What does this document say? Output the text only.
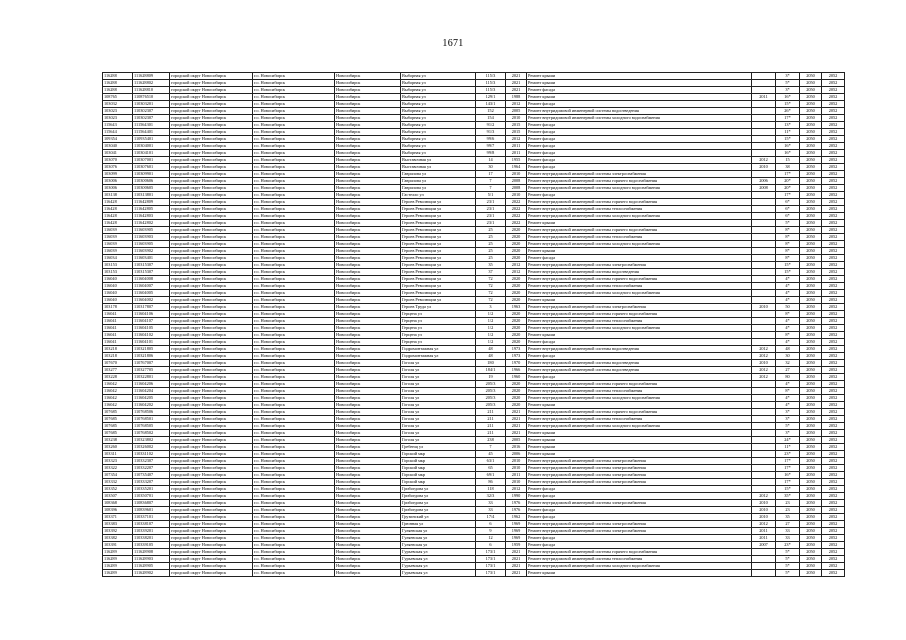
1671
116288	111628809	городской округ Новосибирск	г.о. Новосибирск	Новосибирск	Выборная ул	115/3	2021	Ремонт крыши		3*	2050	2052
116288	111628802	городской округ Новосибирск	г.о. Новосибирск	Новосибирск	Выборная ул	115/3	2021	Ремонт крыши		5*	2050	2052
116288	111628810	городской округ Новосибирск	г.о. Новосибирск	Новосибирск	Выборная ул	115/3	2021	Ремонт фасада		3*	2050	2052
108765	110876510	городской округ Новосибирск	г.о. Новосибирск	Новосибирск	Выборная ул	129/1	1988	Ремонт крыши	2011	16*	2050	2052
103032	110303201	городской округ Новосибирск	г.о. Новосибирск	Новосибирск	Выборная ул	143/1	2012	Ремонт фасада		15*	2050	2052
103023	110302307	городской округ Новосибирск	г.о. Новосибирск	Новосибирск	Выборная ул	152	2005	Ремонт внутридомовой инженерной системы водоотведения		26*	2050	2052
103023	110302307	городской округ Новосибирск	г.о. Новосибирск	Новосибирск	Выборная ул	154	2010	Ремонт внутридомовой инженерной системы холодного водоснабжения		17*	2050	2052
115643	111564301	городской округ Новосибирск	г.о. Новосибирск	Новосибирск	Выборная ул	91/2	2015	Ремонт фасада		13*	2050	2052
115644	111564401	городской округ Новосибирск	г.о. Новосибирск	Новосибирск	Выборная ул	91/3	2015	Ремонт фасада		11*	2050	2052
109354	110935401	городской округ Новосибирск	г.о. Новосибирск	Новосибирск	Выборная ул	99/6	2012	Ремонт фасада		15*	2050	2052
103040	110304001	городской округ Новосибирск	г.о. Новосибирск	Новосибирск	Выборная ул	99/7	2011	Ремонт фасада		16*	2050	2052
103041	110304101	городской округ Новосибирск	г.о. Новосибирск	Новосибирск	Выборная ул	99/8	2011	Ремонт фасада		16*	2050	2052
103070	110307001	городской округ Новосибирск	г.о. Новосибирск	Новосибирск	Выставочная ул	14	1955	Ремонт фасада	2012	15	2050	2052
103076	110307601	городской округ Новосибирск	г.о. Новосибирск	Новосибирск	Выставочная ул	30	1964	Ремонт фасада	2010	38	2050	2052
103099	110309901	городской округ Новосибирск	г.о. Новосибирск	Новосибирск	Гаврилова ул	17	2010	Ремонт внутридомовой инженерной системы электроснабжения		17*	2050	2052
103006	110300606	городской округ Новосибирск	г.о. Новосибирск	Новосибирск	Гаврилова ул	7	2008	Ремонт внутридомовой инженерной системы горячего водоснабжения	2006	20*	2050	2052
103006	110300605	городской округ Новосибирск	г.о. Новосибирск	Новосибирск	Гаврилова ул	7	2008	Ремонт внутридомовой инженерной системы холодного водоснабжения	2008	20*	2050	2052
103138	110313801	городской округ Новосибирск	г.о. Новосибирск	Новосибирск	Гастелло ул	5/1	2010	Ремонт фасада		17*	2050	2052
116428	111642809	городской округ Новосибирск	г.о. Новосибирск	Новосибирск	Героев Революции ул	23/1	2022	Ремонт внутридомовой инженерной системы горячего водоснабжения		6*	2050	2052
116428	111642805	городской округ Новосибирск	г.о. Новосибирск	Новосибирск	Героев Революции ул	23/1	2022	Ремонт внутридомовой инженерной системы теплоснабжения		6*	2050	2052
116428	111642803	городской округ Новосибирск	г.о. Новосибирск	Новосибирск	Героев Революции ул	23/1	2022	Ремонт внутридомовой инженерной системы холодного водоснабжения		6*	2050	2052
116428	111642802	городской округ Новосибирск	г.о. Новосибирск	Новосибирск	Героев Революции ул	23/1	2022	Ремонт крыши		5*	2050	2052
116039	111603905	городской округ Новосибирск	г.о. Новосибирск	Новосибирск	Героев Революции ул	25	2020	Ремонт внутридомовой инженерной системы горячего водоснабжения		8*	2050	2052
116039	111603903	городской округ Новосибирск	г.о. Новосибирск	Новосибирск	Героев Революции ул	25	2020	Ремонт внутридомовой инженерной системы теплоснабжения		8*	2050	2052
116039	111603905	городской округ Новосибирск	г.о. Новосибирск	Новосибирск	Героев Революции ул	25	2020	Ремонт внутридомовой инженерной системы холодного водоснабжения		8*	2050	2052
116039	111603902	городской округ Новосибирск	г.о. Новосибирск	Новосибирск	Героев Революции ул	25	2020	Ремонт крыши		8*	2050	2052
116034	111603401	городской округ Новосибирск	г.о. Новосибирск	Новосибирск	Героев Революции ул	25	2020	Ремонт фасада		8*	2050	2052
103153	110315307	городской округ Новосибирск	г.о. Новосибирск	Новосибирск	Героев Революции ул	35	2012	Ремонт внутридомовой инженерной системы электроснабжения		15*	2050	2052
103153	110315307	городской округ Новосибирск	г.о. Новосибирск	Новосибирск	Героев Революции ул	37	2012	Ремонт внутридомовой инженерной системы водоотведения		15*	2050	2052
116040	111604008	городской округ Новосибирск	г.о. Новосибирск	Новосибирск	Героев Революции ул	72	2020	Ремонт внутридомовой инженерной системы горячего водоснабжения		4*	2050	2052
116040	111604007	городской округ Новосибирск	г.о. Новосибирск	Новосибирск	Героев Революции ул	72	2020	Ремонт внутридомовой инженерной системы теплоснабжения		4*	2050	2052
116040	111604005	городской округ Новосибирск	г.о. Новосибирск	Новосибирск	Героев Революции ул	72	2020	Ремонт внутридомовой инженерной системы холодного водоснабжения		4*	2050	2052
116040	111604002	городской округ Новосибирск	г.о. Новосибирск	Новосибирск	Героев Революции ул	72	2020	Ремонт крыши		4*	2050	2052
103178	110317807	городской округ Новосибирск	г.о. Новосибирск	Новосибирск	Героев Труда ул	3	1963	Ремонт внутридомовой инженерной системы электроснабжения	2010	50	2050	2052
116041	111604106	городской округ Новосибирск	г.о. Новосибирск	Новосибирск	Герцена ул	1/2	2020	Ремонт внутридомовой инженерной системы горячего водоснабжения		8*	2050	2052
116041	111604107	городской округ Новосибирск	г.о. Новосибирск	Новосибирск	Герцена ул	1/2	2020	Ремонт внутридомовой инженерной системы теплоснабжения		4*	2050	2052
116041	111604105	городской округ Новосибирск	г.о. Новосибирск	Новосибирск	Герцена ул	1/2	2020	Ремонт внутридомовой инженерной системы холодного водоснабжения		4*	2050	2052
116041	111604102	городской округ Новосибирск	г.о. Новосибирск	Новосибирск	Герцена ул	1/2	2020	Ремонт крыши		8*	2050	2052
116041	111604101	городской округ Новосибирск	г.о. Новосибирск	Новосибирск	Герцена ул	1/2	2020	Ремонт фасада		4*	2050	2052
103218	110321805	городской округ Новосибирск	г.о. Новосибирск	Новосибирск	Гидромонтажная ул	48	1973	Ремонт внутридомовой инженерной системы водоотведения	2012	48	2050	2052
103218	110321806	городской округ Новосибирск	г.о. Новосибирск	Новосибирск	Гидромонтажная ул	48	1973	Ремонт фасада	2012	30	2050	2052
107670	110767007	городской округ Новосибирск	г.о. Новосибирск	Новосибирск	Гоголя ул	180	1970	Ремонт внутридомовой инженерной системы водоотведения	2010	32	2050	2052
103277	110327705	городской округ Новосибирск	г.о. Новосибирск	Новосибирск	Гоголя ул	184/1	1966	Ремонт внутридомовой инженерной системы водоотведения	2012	27	2050	2052
103228	110322801	городской округ Новосибирск	г.о. Новосибирск	Новосибирск	Гоголя ул	19	1960	Ремонт фасада	2012	80	2050	2052
116042	111604206	городской округ Новосибирск	г.о. Новосибирск	Новосибирск	Гоголя ул	205/3	2020	Ремонт внутридомовой инженерной системы горячего водоснабжения		4*	2050	2052
116042	111604204	городской округ Новосибирск	г.о. Новосибирск	Новосибирск	Гоголя ул	205/3	2020	Ремонт внутридомовой инженерной системы теплоснабжения		8*	2050	2052
116042	111604205	городской округ Новосибирск	г.о. Новосибирск	Новосибирск	Гоголя ул	205/3	2020	Ремонт внутридомовой инженерной системы холодного водоснабжения		4*	2050	2052
116042	111604202	городской округ Новосибирск	г.о. Новосибирск	Новосибирск	Гоголя ул	205/3	2020	Ремонт крыши		4*	2050	2052
107685	110768506	городской округ Новосибирск	г.о. Новосибирск	Новосибирск	Гоголя ул	211	2021	Ремонт внутридомовой инженерной системы горячего водоснабжения		3*	2050	2052
107685	110768501	городской округ Новосибирск	г.о. Новосибирск	Новосибирск	Гоголя ул	211	2021	Ремонт внутридомовой инженерной системы теплоснабжения		3*	2050	2052
107685	110768505	городской округ Новосибирск	г.о. Новосибирск	Новосибирск	Гоголя ул	211	2021	Ремонт внутридомовой инженерной системы холодного водоснабжения		5*	2050	2052
107685	110768502	городской округ Новосибирск	г.о. Новосибирск	Новосибирск	Гоголя ул	211	2021	Ремонт крыши		3*	2050	2052
103238	110323802	городской округ Новосибирск	г.о. Новосибирск	Новосибирск	Гоголя ул	238	2005	Ремонт крыши		24*	2050	2052
103260	110326002	городской округ Новосибирск	г.о. Новосибирск	Новосибирск	Гребенщ ул	7	2016	Ремонт крыши		11*	2050	2052
103311	110331102	городской округ Новосибирск	г.о. Новосибирск	Новосибирск	Горский мкр	45	2006	Ремонт крыши		23*	2050	2052
103323	110332307	городской округ Новосибирск	г.о. Новосибирск	Новосибирск	Горский мкр	63/1	2010	Ремонт внутридомовой инженерной системы электроснабжения		17*	2050	2052
103322	110332207	городской округ Новосибирск	г.о. Новосибирск	Новосибирск	Горский мкр	65	2010	Ремонт внутридомовой инженерной системы электроснабжения		17*	2050	2052
107354	110735407	городской округ Новосибирск	г.о. Новосибирск	Новосибирск	Горский мкр	69/1	2011	Ремонт внутридомовой инженерной системы электроснабжения		16*	2050	2052
103332	110333207	городской округ Новосибирск	г.о. Новосибирск	Новосибирск	Горский мкр	86	2010	Ремонт внутридомовой инженерной системы электроснабжения		17*	2050	2052
103352	110335201	городской округ Новосибирск	г.о. Новосибирск	Новосибирск	Грибоедова ул	118	2012	Ремонт фасада		15*	2050	2052
103507	110350701	городской округ Новосибирск	г.о. Новосибирск	Новосибирск	Грибоедова ул	32/3	1990	Ремонт фасада	2012	35*	2050	2052
108368	110836807	городской округ Новосибирск	г.о. Новосибирск	Новосибирск	Грибоедова ул	33	1976	Ремонт внутридомовой инженерной системы электроснабжения	2010	23	2050	2052
108396	110839601	городской округ Новосибирск	г.о. Новосибирск	Новосибирск	Грибоедова ул	33	1976	Ремонт фасада	2010	23	2050	2052
103371	110337101	городской округ Новосибирск	г.о. Новосибирск	Новосибирск	Грузинский ул	17/4	1962	Ремонт фасада	2010	35	2050	2052
103383	110338107	городской округ Новосибирск	г.о. Новосибирск	Новосибирск	Грюнная ул	6	1969	Ремонт внутридомовой инженерной системы электроснабжения	2012	27	2050	2052
103392	110339201	городской округ Новосибирск	г.о. Новосибирск	Новосибирск	Гуляевская ул	9	1969	Ремонт внутридомовой инженерной системы электроснабжения	2011	33	2050	2052
103382	110338201	городской округ Новосибирск	г.о. Новосибирск	Новосибирск	Гуляевская ул	12	1969	Ремонт фасада	2011	33	2050	2052
103391	110339105	городской округ Новосибирск	г.о. Новосибирск	Новосибирск	Гуляевская ул	6	1959	Ремонт фасада	2007	23*	2050	2052
116289	111628908	городской округ Новосибирск	г.о. Новосибирск	Новосибирск	Гурьевская ул	173/1	2021	Ремонт внутридомовой инженерной системы горячего водоснабжения		5*	2050	2052
116289	111628903	городской округ Новосибирск	г.о. Новосибирск	Новосибирск	Гурьевская ул	173/1	2021	Ремонт внутридомовой инженерной системы теплоснабжения		5*	2050	2052
116289	111628905	городской округ Новосибирск	г.о. Новосибирск	Новосибирск	Гурьевская ул	173/1	2021	Ремонт внутридомовой инженерной системы холодного водоснабжения		5*	2050	2052
116289	111628902	городской округ Новосибирск	г.о. Новосибирск	Новосибирск	Гурьевская ул	173/1	2021	Ремонт крыши		5*	2050	2052
